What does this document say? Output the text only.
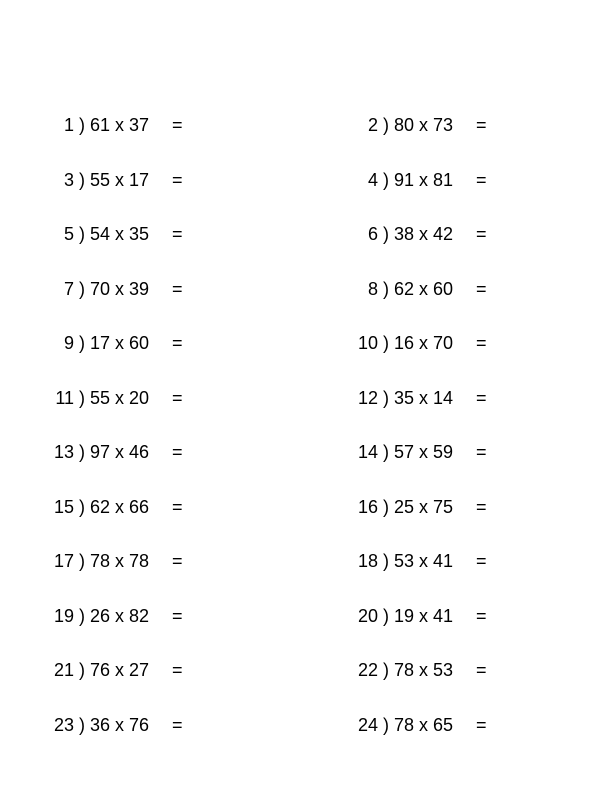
1 ) 61 x 37 =	2 ) 80 x 73 =
3 ) 55 x 17 =	4 ) 91 x 81 =
5 ) 54 x 35 =	6 ) 38 x 42 =
7 ) 70 x 39 =	8 ) 62 x 60 =
9 ) 17 x 60 =	10 ) 16 x 70 =
11 ) 55 x 20 =	12 ) 35 x 14 =
13 ) 97 x 46 =	14 ) 57 x 59 =
15 ) 62 x 66 =	16 ) 25 x 75 =
17 ) 78 x 78 =	18 ) 53 x 41 =
19 ) 26 x 82 =	20 ) 19 x 41 =
21 ) 76 x 27 =	22 ) 78 x 53 =
23 ) 36 x 76 =	24 ) 78 x 65 =
